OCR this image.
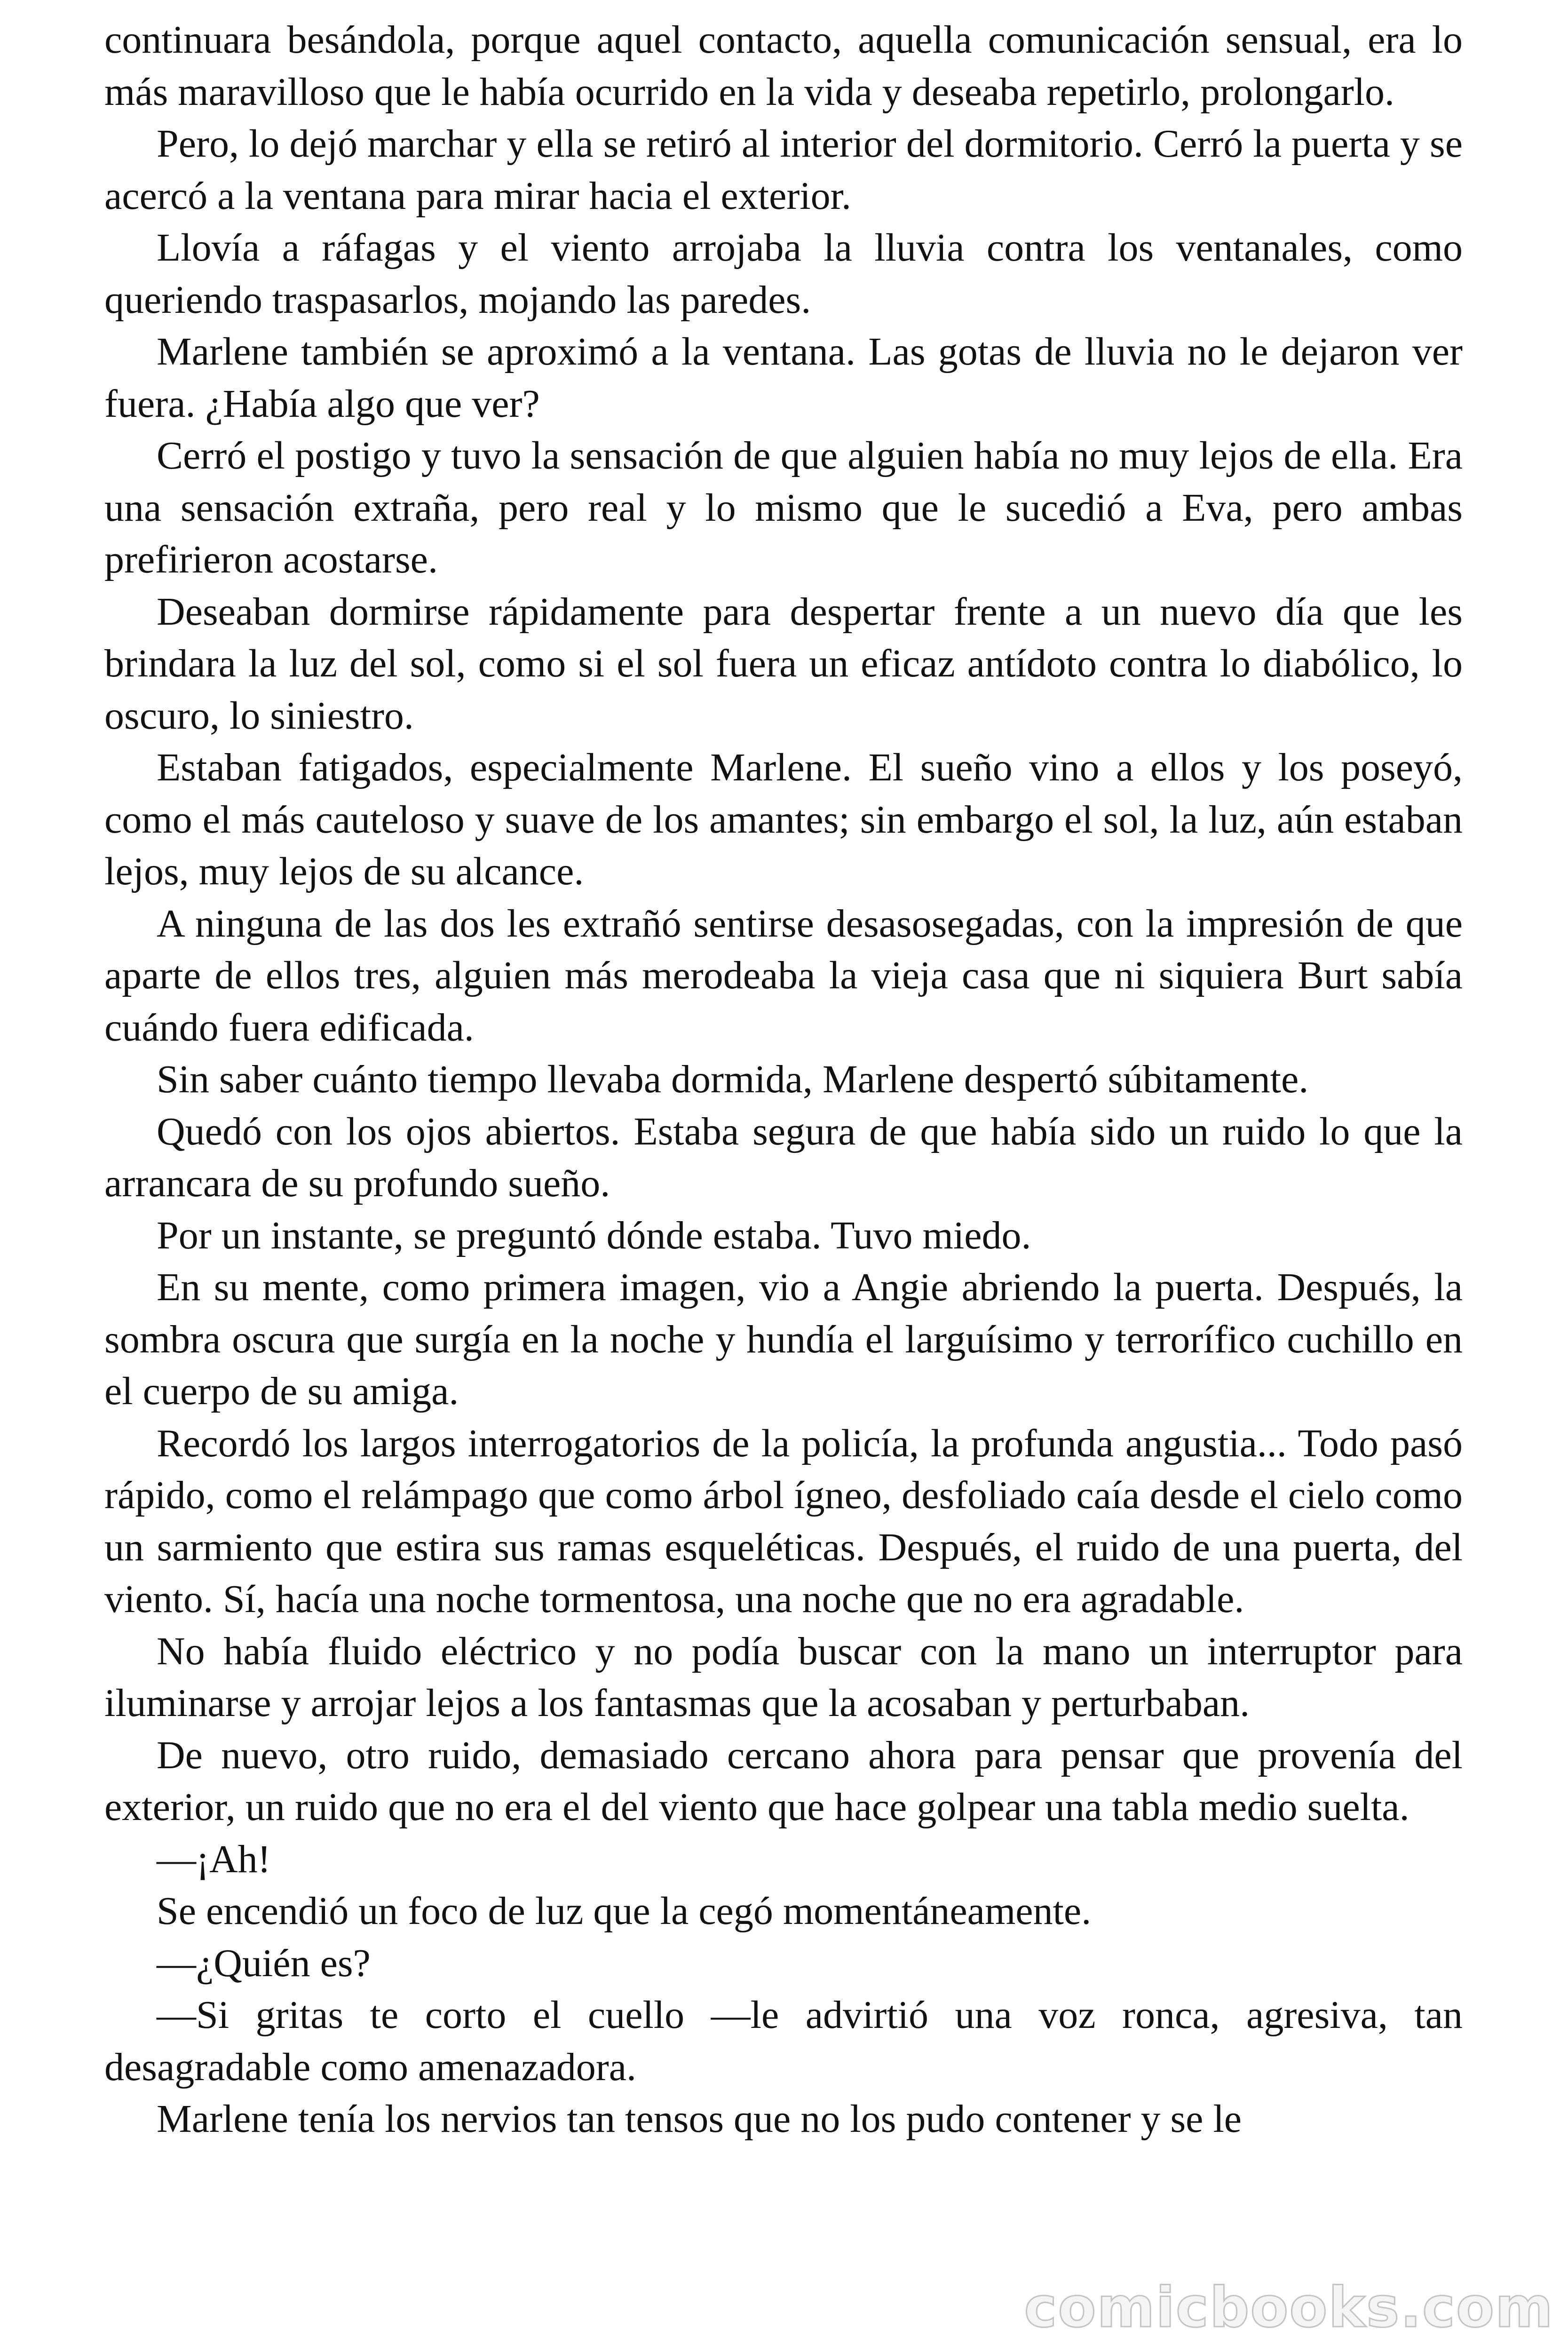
continuara besándola, porque aquel contacto, aquella comunicación sensual, era lo más maravilloso que le había ocurrido en la vida y deseaba repetirlo, prolongarlo.

Pero, lo dejó marchar y ella se retiró al interior del dormitorio. Cerró la puerta y se acercó a la ventana para mirar hacia el exterior.

Llovía a ráfagas y el viento arrojaba la lluvia contra los ventanales, como queriendo traspasarlos, mojando las paredes.

Marlene también se aproximó a la ventana. Las gotas de lluvia no le dejaron ver fuera. ¿Había algo que ver?

Cerró el postigo y tuvo la sensación de que alguien había no muy lejos de ella. Era una sensación extraña, pero real y lo mismo que le sucedió a Eva, pero ambas prefirieron acostarse.

Deseaban dormirse rápidamente para despertar frente a un nuevo día que les brindara la luz del sol, como si el sol fuera un eficaz antídoto contra lo diabólico, lo oscuro, lo siniestro.

Estaban fatigados, especialmente Marlene. El sueño vino a ellos y los poseyó, como el más cauteloso y suave de los amantes; sin embargo el sol, la luz, aún estaban lejos, muy lejos de su alcance.

A ninguna de las dos les extrañó sentirse desasosegadas, con la impresión de que aparte de ellos tres, alguien más merodeaba la vieja casa que ni siquiera Burt sabía cuándo fuera edificada.

Sin saber cuánto tiempo llevaba dormida, Marlene despertó súbitamente.

Quedó con los ojos abiertos. Estaba segura de que había sido un ruido lo que la arrancara de su profundo sueño.

Por un instante, se preguntó dónde estaba. Tuvo miedo.

En su mente, como primera imagen, vio a Angie abriendo la puerta. Después, la sombra oscura que surgía en la noche y hundía el larguísimo y terrorífico cuchillo en el cuerpo de su amiga.

Recordó los largos interrogatorios de la policía, la profunda angustia... Todo pasó rápido, como el relámpago que como árbol ígneo, desfoliado caía desde el cielo como un sarmiento que estira sus ramas esqueléticas. Después, el ruido de una puerta, del viento. Sí, hacía una noche tormentosa, una noche que no era agradable.

No había fluido eléctrico y no podía buscar con la mano un interruptor para iluminarse y arrojar lejos a los fantasmas que la acosaban y perturbaban.

De nuevo, otro ruido, demasiado cercano ahora para pensar que provenía del exterior, un ruido que no era el del viento que hace golpear una tabla medio suelta.

—¡Ah!

Se encendió un foco de luz que la cegó momentáneamente.

—¿Quién es?

—Si gritas te corto el cuello —le advirtió una voz ronca, agresiva, tan desagradable como amenazadora.

Marlene tenía los nervios tan tensos que no los pudo contener y se le

comicbooks.com
